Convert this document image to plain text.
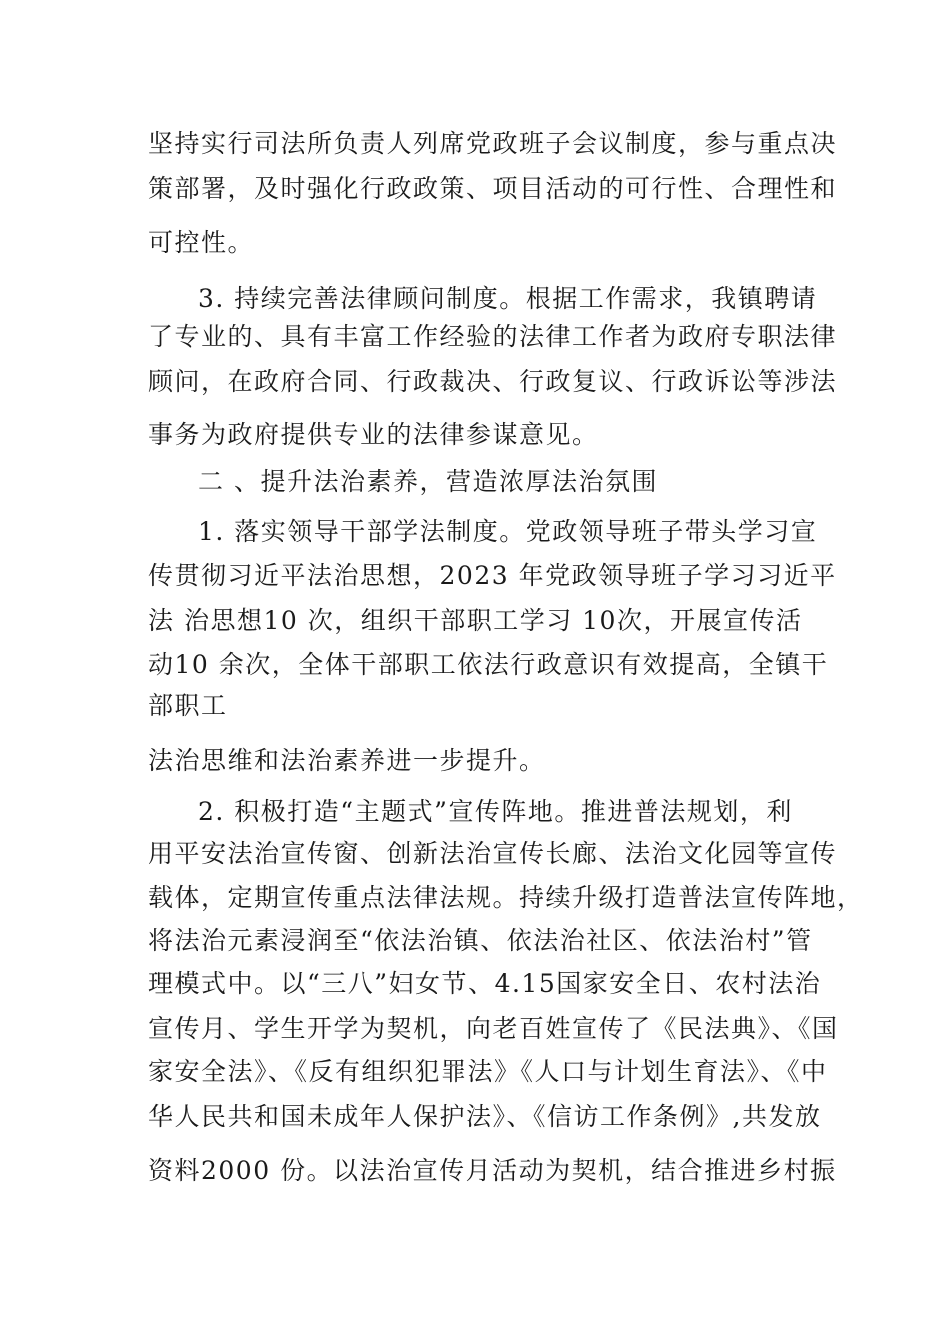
坚持实行司法所负责人列席党政班子会议制度，参与重点决
策部署，及时强化行政政策、项目活动的可行性、合理性和
可控性。
3. 持续完善法律顾问制度。根据工作需求，我镇聘请
了专业的、具有丰富工作经验的法律工作者为政府专职法律
顾问，在政府合同、行政裁决、行政复议、行政诉讼等涉法
事务为政府提供专业的法律参谋意见。
二 、提升法治素养，营造浓厚法治氛围
1. 落实领导干部学法制度。党政领导班子带头学习宣
传贯彻习近平法治思想，2023 年党政领导班子学习习近平
法 治思想10 次，组织干部职工学习 10次，开展宣传活
动10 余次，全体干部职工依法行政意识有效提高，全镇干
部职工
法治思维和法治素养进一步提升。
2. 积极打造“主题式”宣传阵地。推进普法规划，利
用平安法治宣传窗、创新法治宣传长廊、法治文化园等宣传
载体，定期宣传重点法律法规。持续升级打造普法宣传阵地，
将法治元素浸润至“依法治镇、依法治社区、依法治村”管
理模式中。以“三八”妇女节、4.15国家安全日、农村法治
宣传月、学生开学为契机，向老百姓宣传了《民法典》、《国
家安全法》、《反有组织犯罪法》《人口与计划生育法》、《中
华人民共和国未成年人保护法》、《信访工作条例》,共发放
资料2000 份。以法治宣传月活动为契机，结合推进乡村振
